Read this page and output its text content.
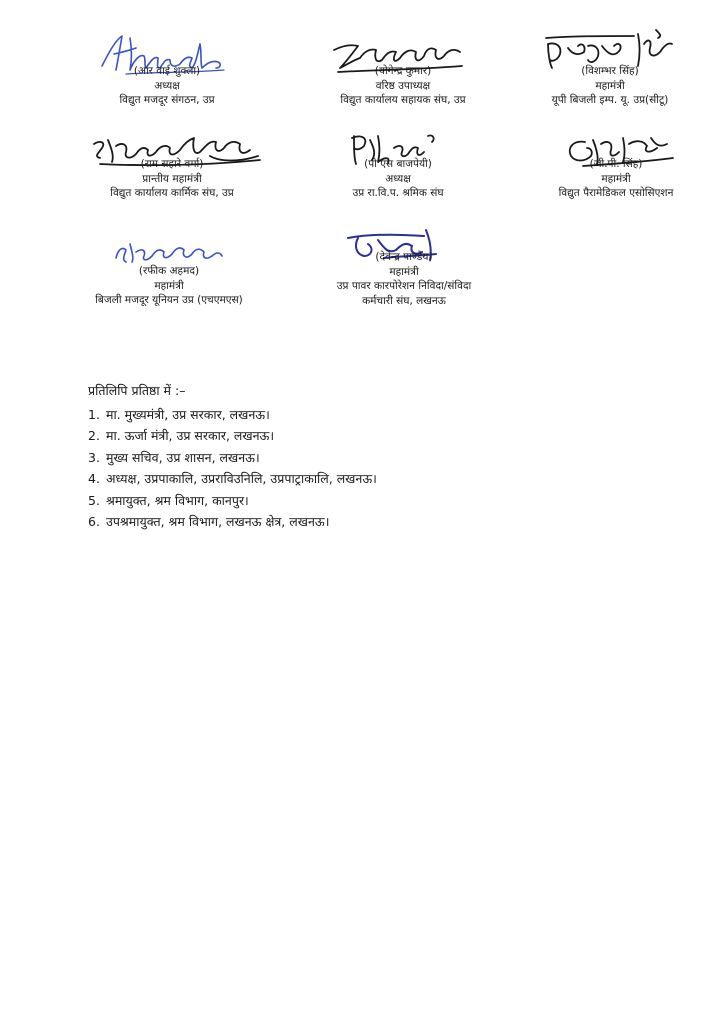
(आर वाई शुक्ला)
अध्यक्ष
विद्युत मजदूर संगठन, उप्र
(योगेन्द्र कुमार)
वरिष्ठ उपाध्यक्ष
विद्युत कार्यालय सहायक संघ, उप्र
(विशम्भर सिंह)
महामंत्री
यूपी बिजली इम्प. यू. उप्र(सीटू)
(राम सहारे वर्मा)
प्रान्तीय महामंत्री
विद्युत कार्यालय कार्मिक संघ, उप्र
(पी एस बाजपेयी)
अध्यक्ष
उप्र रा.वि.प. श्रमिक संघ
(जी.पी. सिंह)
महामंत्री
विद्युत पैरामेडिकल एसोसिएशन
(रफीक अहमद)
महामंत्री
बिजली मजदूर यूनियन उप्र (एचएमएस)
(देवेन्द्र पाण्डेय)
महामंत्री
उप्र पावर कारपोरेशन निविदा/संविदा
कर्मचारी संघ, लखनऊ
प्रतिलिपि प्रतिष्ठा में :–
1. मा. मुख्यमंत्री, उप्र सरकार, लखनऊ।
2. मा. ऊर्जा मंत्री, उप्र सरकार, लखनऊ।
3. मुख्य सचिव, उप्र शासन, लखनऊ।
4. अध्यक्ष, उप्रपाकालि, उप्रराविउनिलि, उप्रपाट्राकालि, लखनऊ।
5. श्रमायुक्त, श्रम विभाग, कानपुर।
6. उपश्रमायुक्त, श्रम विभाग, लखनऊ क्षेत्र, लखनऊ।
